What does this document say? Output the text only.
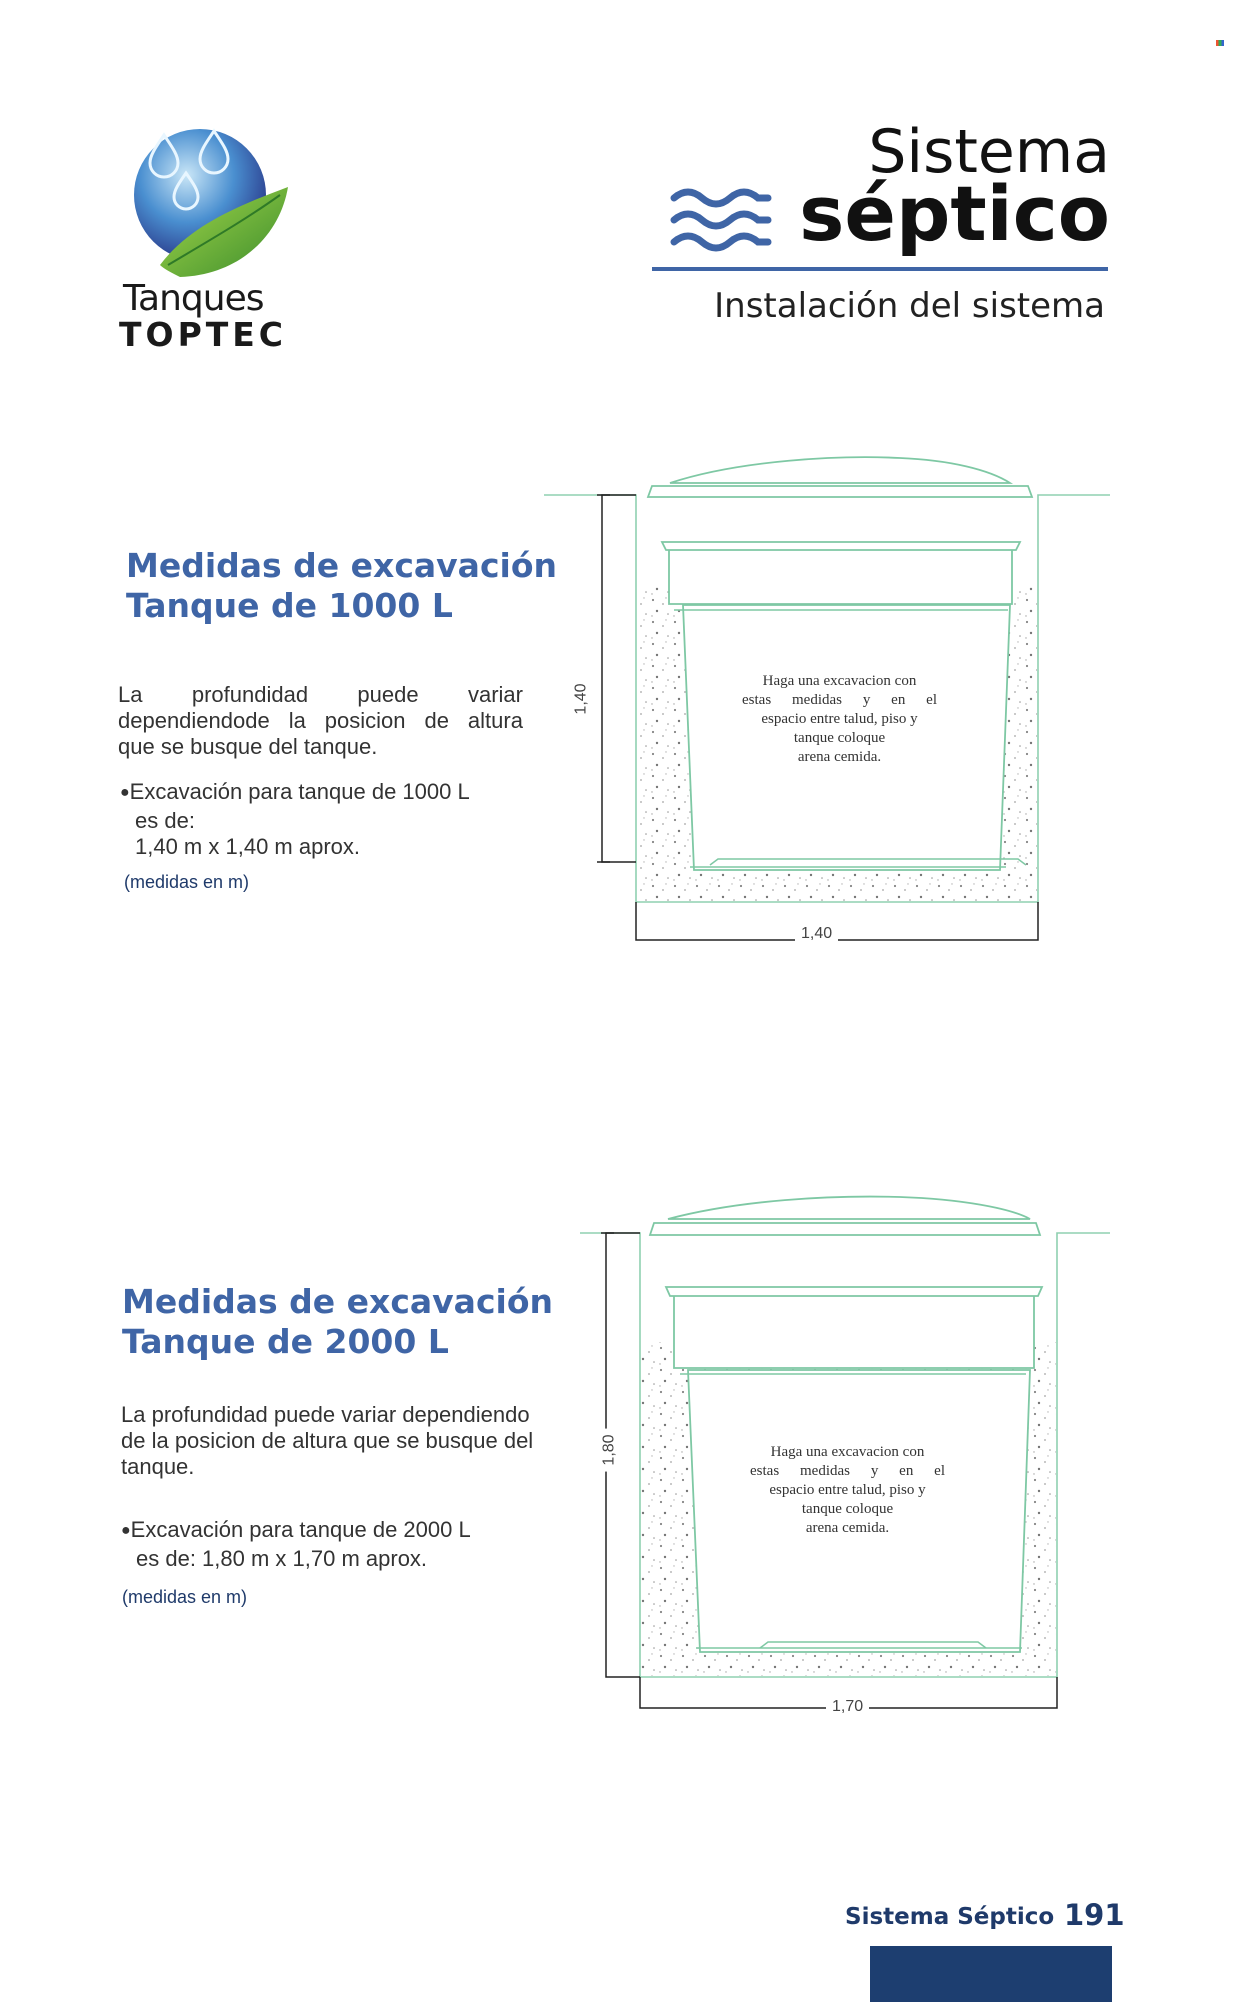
Tanques
TOPTEC
Sistema
séptico
Instalación del sistema
Medidas de excavación
Tanque de 1000 L
La profundidad puede variar
dependiendode la posicion de altura
que se busque del tanque.
●Excavación para tanque de 1000 L
es de:
1,40 m x 1,40 m aprox.
(medidas en m)
Haga una excavacion con
estas medidas y en el
espacio entre talud, piso y
tanque coloque
arena cemida.
1,40
1,40
Medidas de excavación
Tanque de 2000 L
La profundidad puede variar dependiendo
de la posicion de altura que se busque del
tanque.
●Excavación para tanque de 2000 L
es de: 1,80 m x 1,70 m aprox.
(medidas en m)
Haga una excavacion con
estas medidas y en el
espacio entre talud, piso y
tanque coloque
arena cemida.
1,80
1,70
Sistema Séptico 191
